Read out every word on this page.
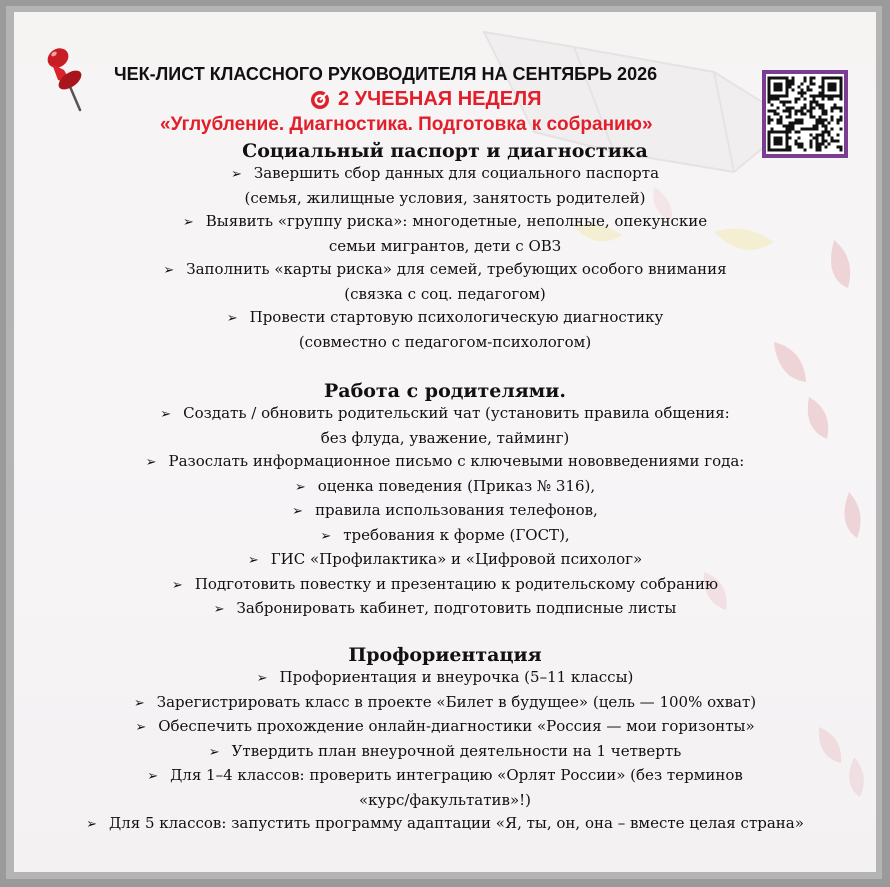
ЧЕК-ЛИСТ КЛАССНОГО РУКОВОДИТЕЛЯ НА СЕНТЯБРЬ 2026
2 УЧЕБНАЯ НЕДЕЛЯ
«Углубление. Диагностика. Подготовка к собранию»
Социальный паспорт и диагностика
➢ Завершить сбор данных для социального паспорта
(семья, жилищные условия, занятость родителей)
➢ Выявить «группу риска»: многодетные, неполные, опекунские
семьи мигрантов, дети с ОВЗ
➢ Заполнить «карты риска» для семей, требующих особого внимания
(связка с соц. педагогом)
➢ Провести стартовую психологическую диагностику
(совместно с педагогом-психологом)
Работа с родителями.
➢ Создать / обновить родительский чат (установить правила общения:
без флуда, уважение, тайминг)
➢ Разослать информационное письмо с ключевыми нововведениями года:
➢ оценка поведения (Приказ № 316),
➢ правила использования телефонов,
➢ требования к форме (ГОСТ),
➢ ГИС «Профилактика» и «Цифровой психолог»
➢ Подготовить повестку и презентацию к родительскому собранию
➢ Забронировать кабинет, подготовить подписные листы
Профориентация
➢ Профориентация и внеурочка (5–11 классы)
➢ Зарегистрировать класс в проекте «Билет в будущее» (цель — 100% охват)
➢ Обеспечить прохождение онлайн-диагностики «Россия — мои горизонты»
➢ Утвердить план внеурочной деятельности на 1 четверть
➢ Для 1–4 классов: проверить интеграцию «Орлят России» (без терминов
«курс/факультатив»!)
➢ Для 5 классов: запустить программу адаптации «Я, ты, он, она – вместе целая страна»
